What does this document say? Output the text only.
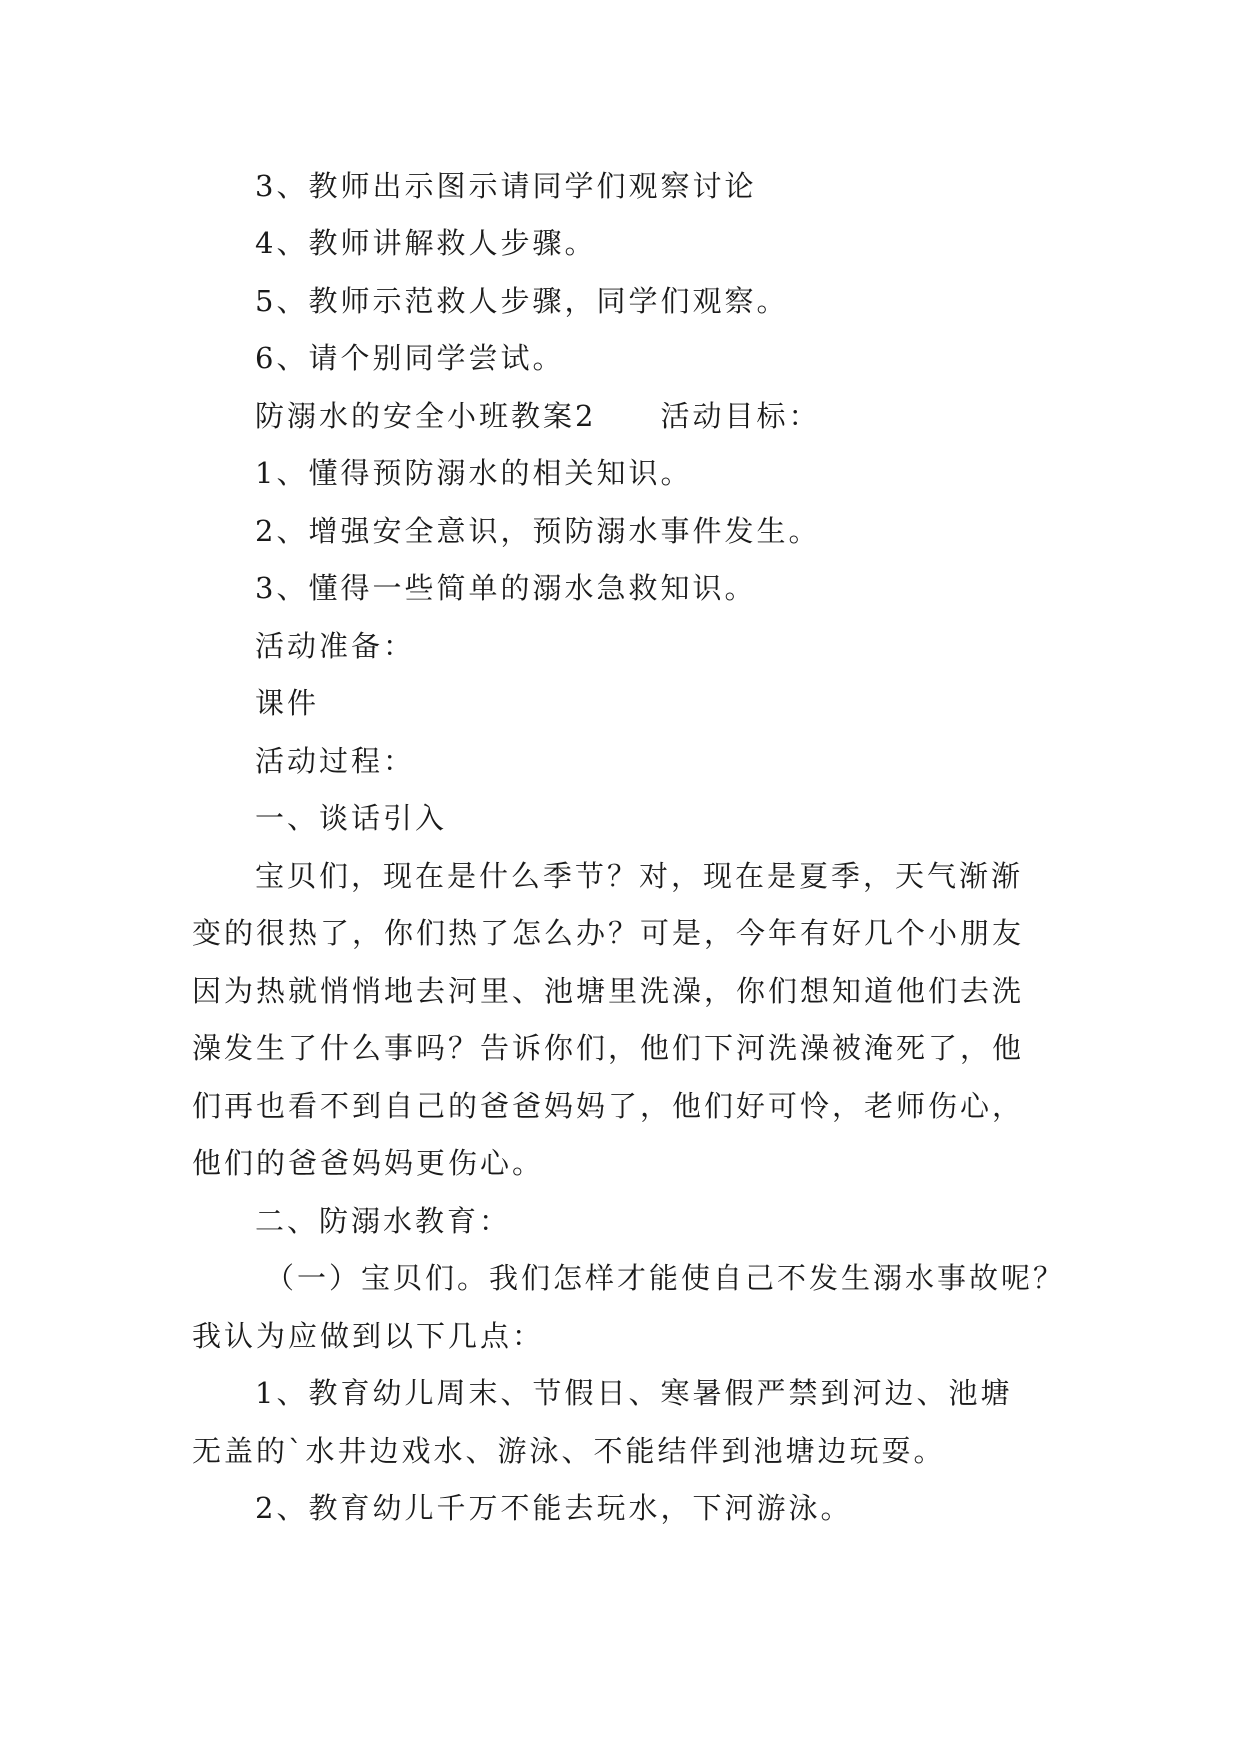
3、教师出示图示请同学们观察讨论
4、教师讲解救人步骤。
5、教师示范救人步骤，同学们观察。
6、请个别同学尝试。
防溺水的安全小班教案2　　活动目标：
1、懂得预防溺水的相关知识。
2、增强安全意识，预防溺水事件发生。
3、懂得一些简单的溺水急救知识。
活动准备：
课件
活动过程：
一、谈话引入
宝贝们，现在是什么季节？对，现在是夏季，天气渐渐
变的很热了，你们热了怎么办？可是，今年有好几个小朋友
因为热就悄悄地去河里、池塘里洗澡，你们想知道他们去洗
澡发生了什么事吗？告诉你们，他们下河洗澡被淹死了，他
们再也看不到自己的爸爸妈妈了，他们好可怜，老师伤心，
他们的爸爸妈妈更伤心。
二、防溺水教育：
（一）宝贝们。我们怎样才能使自己不发生溺水事故呢？
我认为应做到以下几点：
1、教育幼儿周末、节假日、寒暑假严禁到河边、池塘
无盖的`水井边戏水、游泳、不能结伴到池塘边玩耍。
2、教育幼儿千万不能去玩水，下河游泳。
